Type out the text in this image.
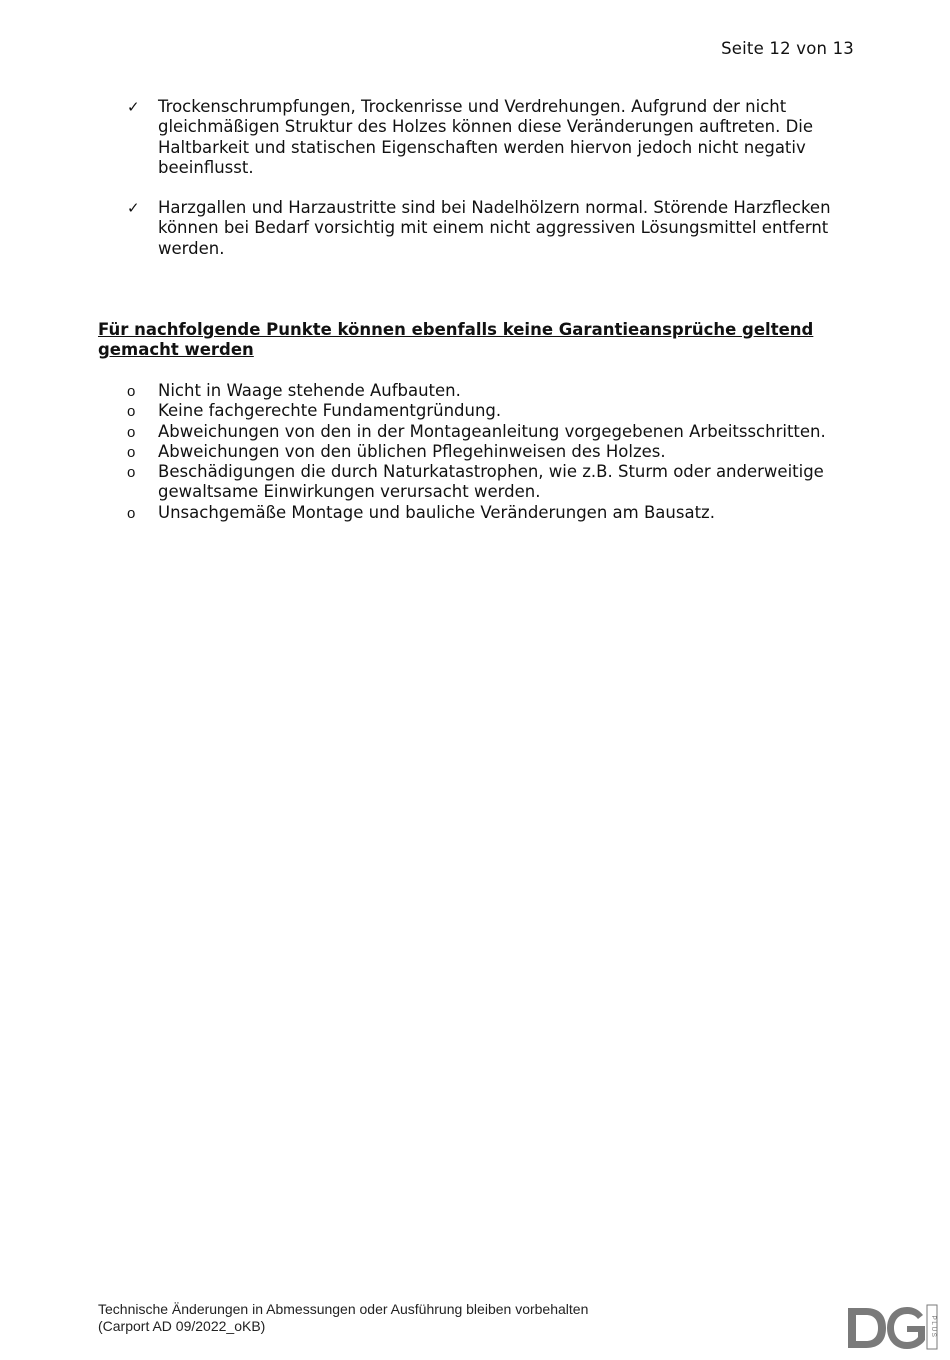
Seite 12 von 13
✓ Trockenschrumpfungen, Trockenrisse und Verdrehungen. Aufgrund der nicht gleichmäßigen Struktur des Holzes können diese Veränderungen auftreten. Die Haltbarkeit und statischen Eigenschaften werden hiervon jedoch nicht negativ beeinflusst.
✓ Harzgallen und Harzaustritte sind bei Nadelhölzern normal. Störende Harzflecken können bei Bedarf vorsichtig mit einem nicht aggressiven Lösungsmittel entfernt werden.
Für nachfolgende Punkte können ebenfalls keine Garantieansprüche geltend gemacht werden
o Nicht in Waage stehende Aufbauten.
o Keine fachgerechte Fundamentgründung.
o Abweichungen von den in der Montageanleitung vorgegebenen Arbeitsschritten.
o Abweichungen von den üblichen Pflegehinweisen des Holzes.
o Beschädigungen die durch Naturkatastrophen, wie z.B. Sturm oder anderweitige gewaltsame Einwirkungen verursacht werden.
o Unsachgemäße Montage und bauliche Veränderungen am Bausatz.
Technische Änderungen in Abmessungen oder Ausführung bleiben vorbehalten
(Carport AD 09/2022_oKB)	PLUS
